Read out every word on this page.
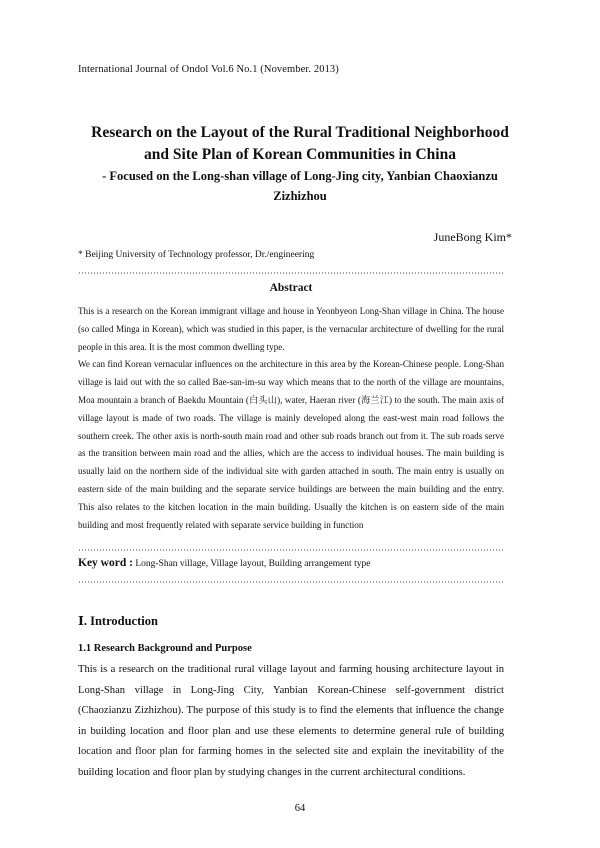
International Journal of Ondol Vol.6 No.1 (November. 2013)
Research on the Layout of the Rural Traditional Neighborhood
and Site Plan of Korean Communities in China
- Focused on the Long-shan village of Long-Jing city, Yanbian Chaoxianzu
Zizhizhou
JuneBong Kim*
* Beijing University of Technology professor, Dr./engineering
Abstract

This is a research on the Korean immigrant village and house in Yeonbyeon Long-Shan village in China. The house (so called Minga in Korean), which was studied in this paper, is the vernacular architecture of dwelling for the rural people in this area. It is the most common dwelling type.

We can find Korean vernacular influences on the architecture in this area by the Korean-Chinese people. Long-Shan village is laid out with the so called Bae-san-im-su way which means that to the north of the village are mountains, Moa mountain a branch of Baekdu Mountain (白头山), water, Haeran river (海兰江) to the south. The main axis of village layout is made of two roads. The village is mainly developed along the east-west main road follows the southern creek. The other axis is north-south main road and other sub roads branch out from it. The sub roads serve as the transition between main road and the allies, which are the access to individual houses. The main building is usually laid on the northern side of the individual site with garden attached in south. The main entry is usually on eastern side of the main building and the separate service buildings are between the main building and the entry. This also relates to the kitchen location in the main building. Usually the kitchen is on eastern side of the main building and most frequently related with separate service building in function

Key word : Long-Shan village, Village layout, Building arrangement type
Ⅰ. Introduction
1.1 Research Background and Purpose

This is a research on the traditional rural village layout and farming housing architecture layout in Long-Shan village in Long-Jing City, Yanbian Korean-Chinese self-government district (Chaozianzu Zizhizhou). The purpose of this study is to find the elements that influence the change in building location and floor plan and use these elements to determine general rule of building location and floor plan for farming homes in the selected site and explain the inevitability of the building location and floor plan by studying changes in the current architectural conditions.

64
